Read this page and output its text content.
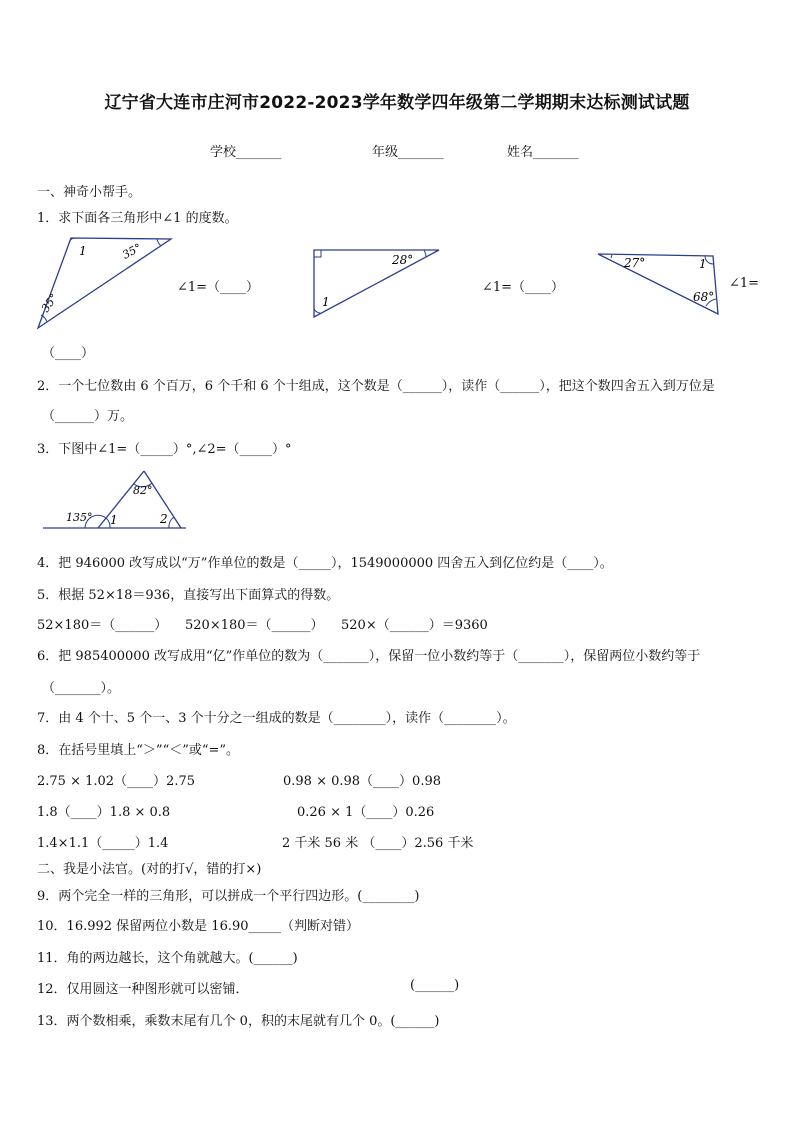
辽宁省大连市庄河市2022-2023学年数学四年级第二学期期末达标测试试题
学校_______	年级_______	姓名_______
一、神奇小帮手。
1．求下面各三角形中∠1 的度数。
1	35°
35°
∠1=（____）
28°
1
∠1=（____）
27°	1
68°
∠1=
（____）
2．一个七位数由 6 个百万，6 个千和 6 个十组成，这个数是（______），读作（______），把这个数四舍五入到万位是
（______）万。
3．下图中∠1=（_____）°,∠2=（_____）°
82°
135° 1	2
4．把 946000 改写成以“万”作单位的数是（_____），1549000000 四舍五入到亿位约是（____）。
5．根据 52×18＝936，直接写出下面算式的得数。
52×180＝（______） 520×180＝（______） 520×（______）＝9360
6．把 985400000 改写成用“亿”作单位的数为（_______），保留一位小数约等于（_______），保留两位小数约等于
（_______）。
7．由 4 个十、5 个一、3 个十分之一组成的数是（________），读作（________）。
8．在括号里填上“＞”“＜”或“=”。
2.75 × 1.02（____）2.75	0.98 × 0.98（____）0.98
1.8（____）1.8 × 0.8	0.26 × 1（____）0.26
1.4×1.1（_____）1.4	2 千米 56 米 （____）2.56 千米
二、我是小法官。(对的打√，错的打×)
9．两个完全一样的三角形，可以拼成一个平行四边形。(________)
10．16.992 保留两位小数是 16.90_____（判断对错）
11．角的两边越长，这个角就越大。(______)
12．仅用圆这一种图形就可以密铺．	(______)
13．两个数相乘，乘数末尾有几个 0，积的末尾就有几个 0。(______)
